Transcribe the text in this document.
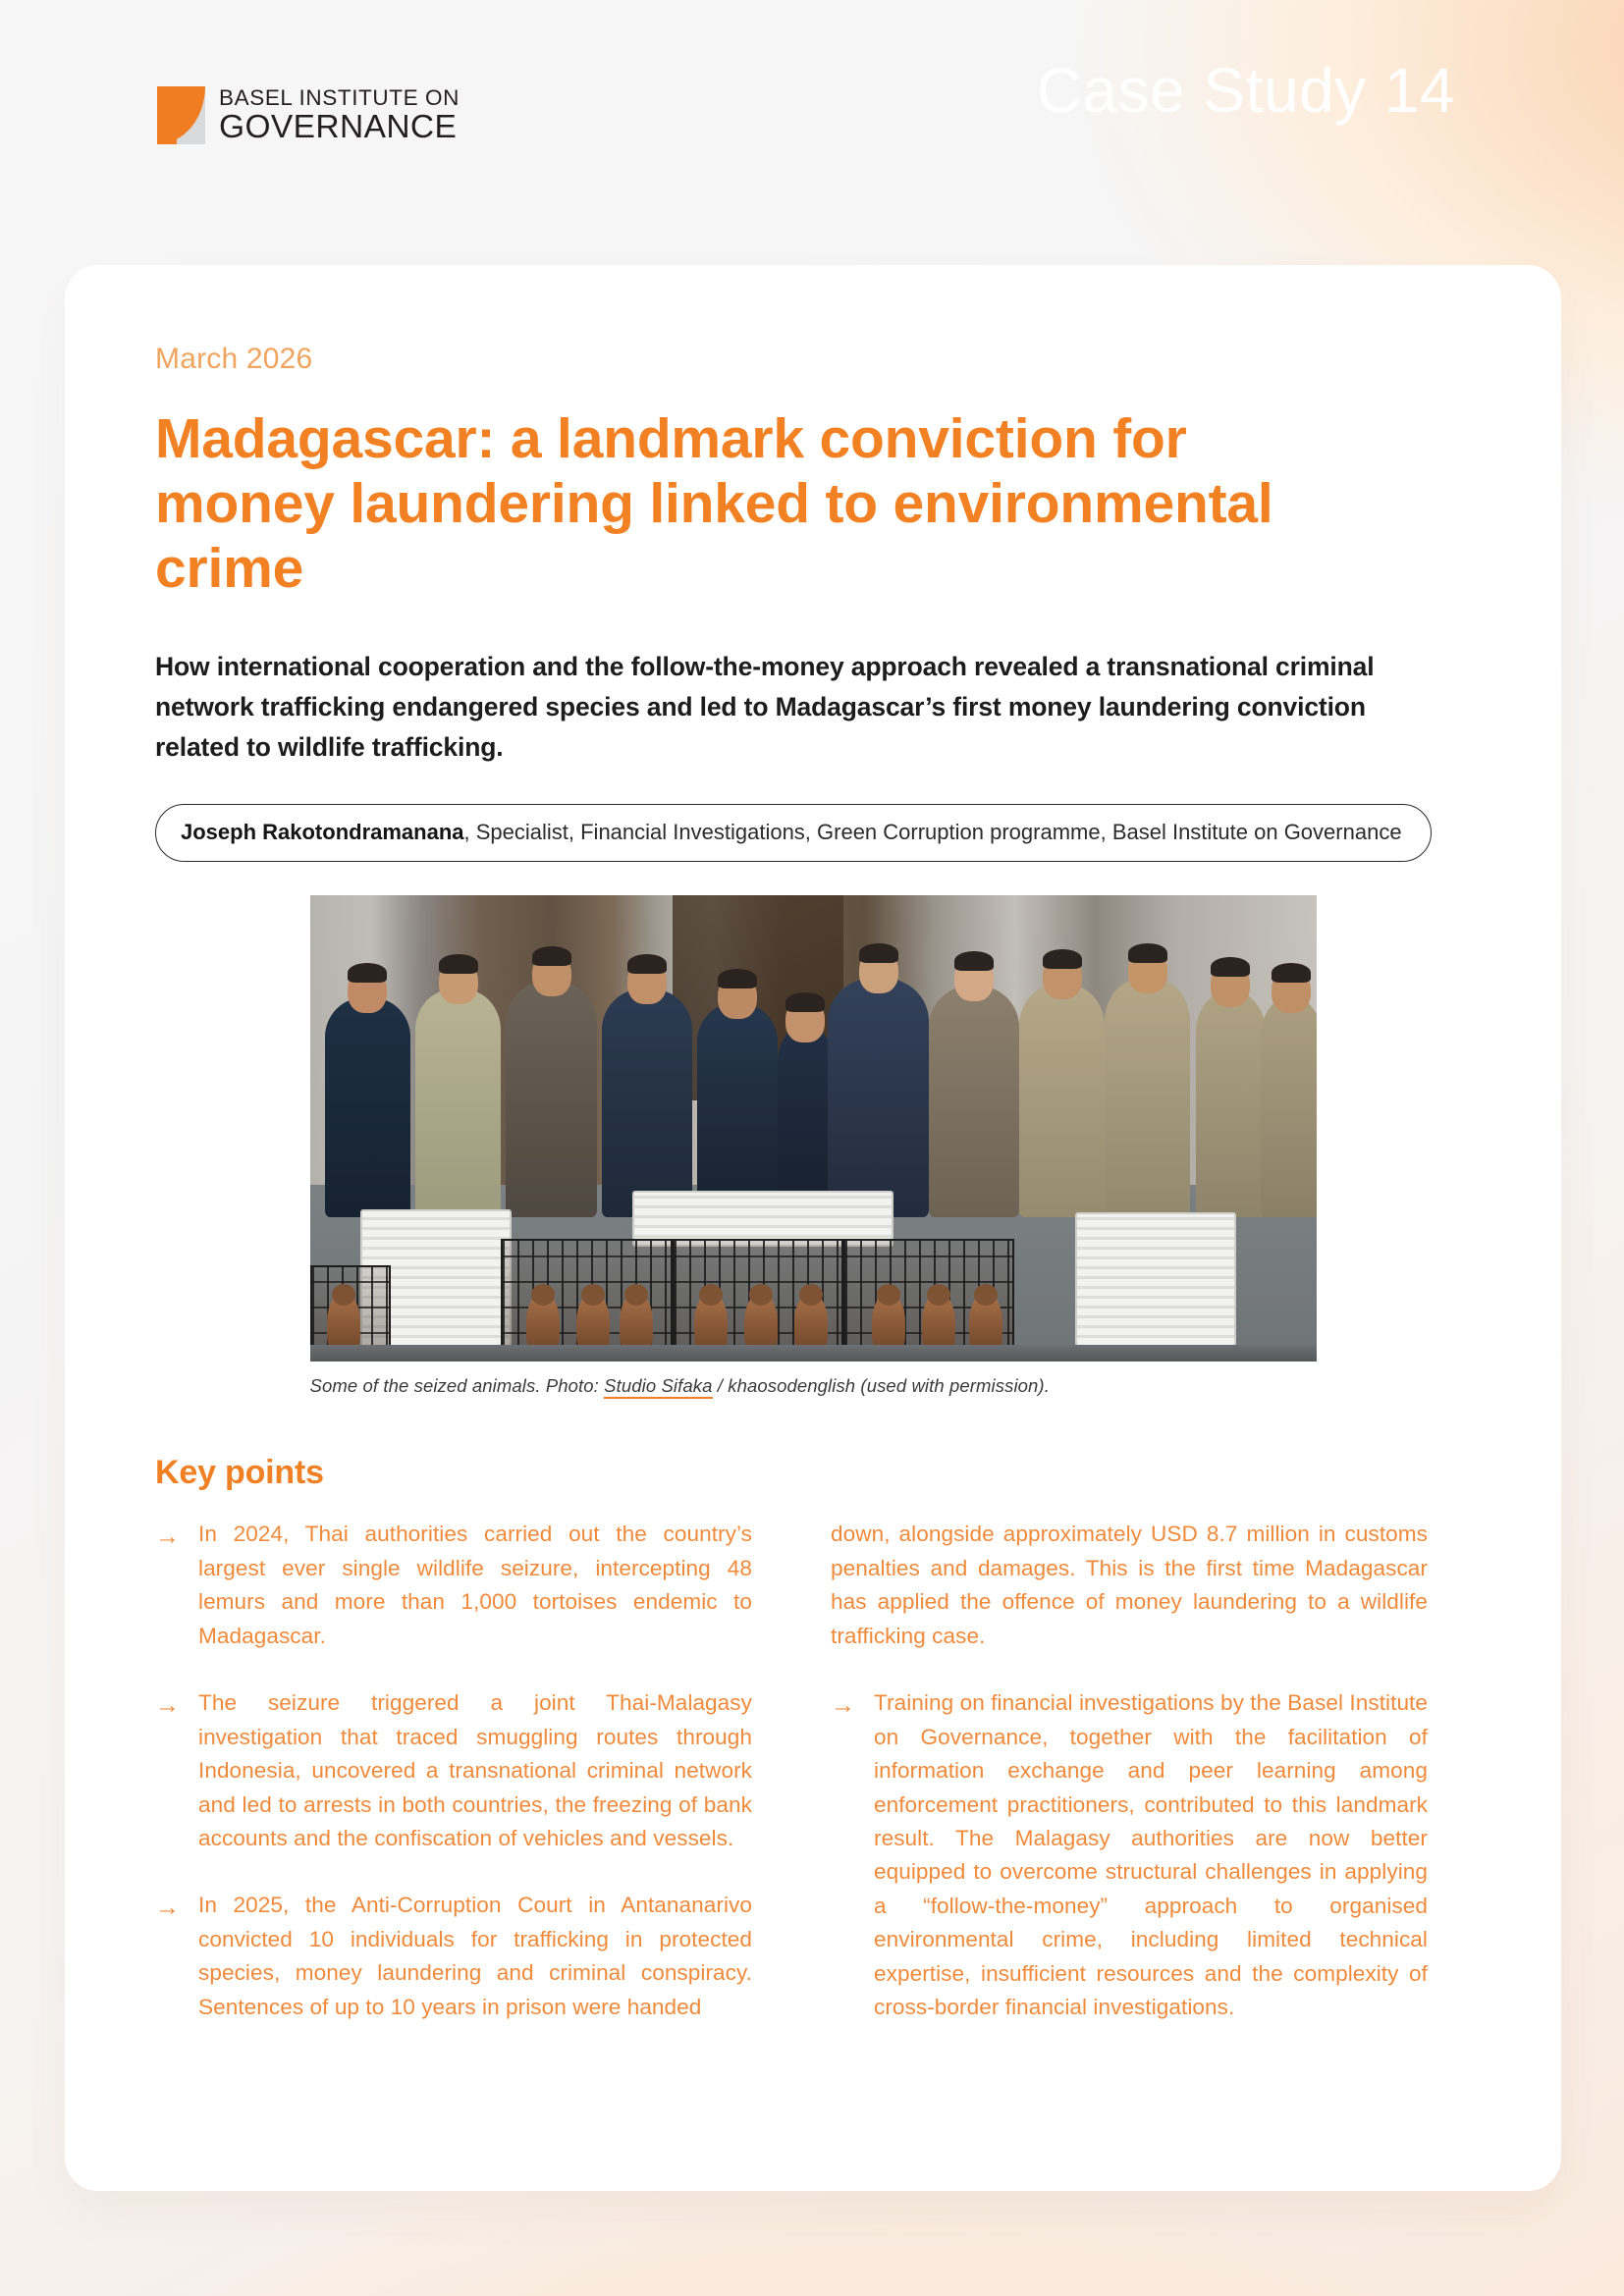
BASEL INSTITUTE ON
GOVERNANCE
Case Study 14
March 2026
Madagascar: a landmark conviction for money laundering linked to environmental crime

How international cooperation and the follow-the-money approach revealed a transnational criminal network trafficking endangered species and led to Madagascar’s first money laundering conviction related to wildlife trafficking.

Joseph Rakotondramanana, Specialist, Financial Investigations, Green Corruption programme, Basel Institute on Governance
Some of the seized animals. Photo: Studio Sifaka / khaosodenglish (used with permission).
Key points
→ In 2024, Thai authorities carried out the country’s largest ever single wildlife seizure, intercepting 48 lemurs and more than 1,000 tortoises endemic to Madagascar.
→ The seizure triggered a joint Thai-Malagasy investigation that traced smuggling routes through Indonesia, uncovered a transnational criminal network and led to arrests in both countries, the freezing of bank accounts and the confiscation of vehicles and vessels.
→ In 2025, the Anti-Corruption Court in Antananarivo convicted 10 individuals for trafficking in protected species, money laundering and criminal conspiracy. Sentences of up to 10 years in prison were handed
down, alongside approximately USD 8.7 million in customs penalties and damages. This is the first time Madagascar has applied the offence of money laundering to a wildlife trafficking case.
→ Training on financial investigations by the Basel Institute on Governance, together with the facilitation of information exchange and peer learning among enforcement practitioners, contributed to this landmark result. The Malagasy authorities are now better equipped to overcome structural challenges in applying a “follow-the-money” approach to organised environmental crime, including limited technical expertise, insufficient resources and the complexity of cross-border financial investigations.
